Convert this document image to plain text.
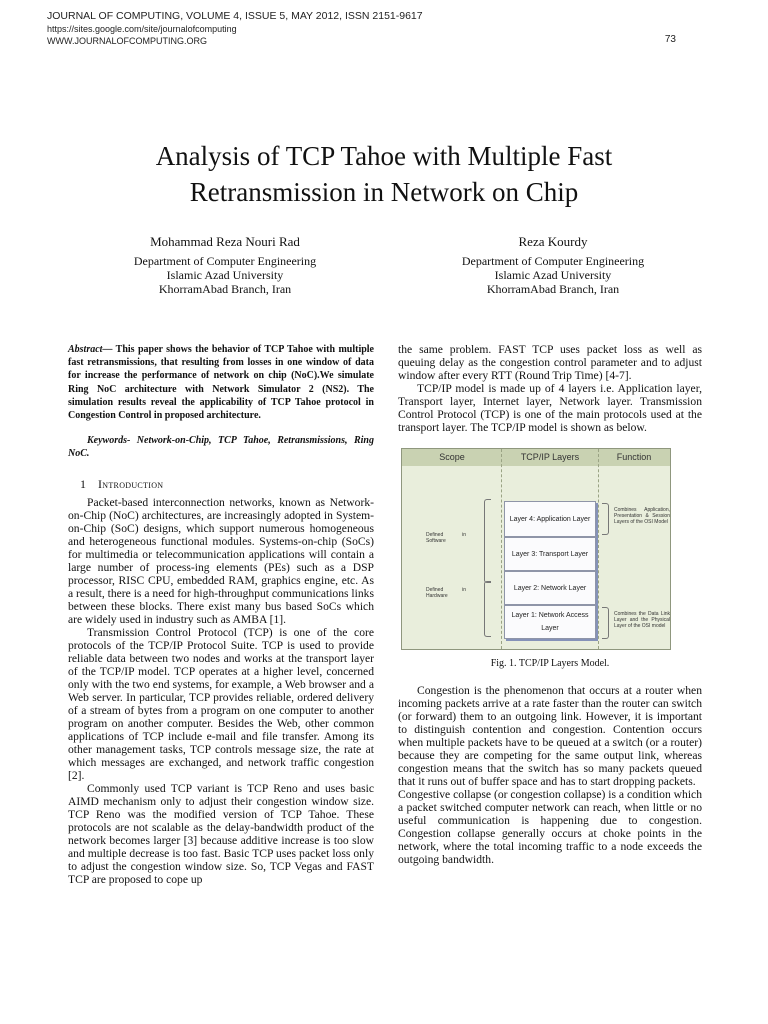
JOURNAL OF COMPUTING, VOLUME 4, ISSUE 5, MAY 2012, ISSN 2151-9617
https://sites.google.com/site/journalofcomputing
WWW.JOURNALOFCOMPUTING.ORG	73
Analysis of TCP Tahoe with Multiple Fast
Retransmission in Network on Chip
Mohammad Reza Nouri Rad
Department of Computer Engineering
Islamic Azad University
KhorramAbad Branch, Iran
Reza Kourdy
Department of Computer Engineering
Islamic Azad University
KhorramAbad Branch, Iran

Abstract— This paper shows the behavior of TCP Tahoe with multiple fast retransmissions, that resulting from losses in one window of data for increase the performance of network on chip (NoC).We simulate Ring NoC architecture with Network Simulator 2 (NS2). The simulation results reveal the applicability of TCP Tahoe protocol in Congestion Control in proposed architecture.

Keywords- Network-on-Chip, TCP Tahoe, Retransmissions, Ring NoC.

1 Introduction

Packet-based interconnection networks, known as Network-on-Chip (NoC) architectures, are increasingly adopted in System-on-Chip (SoC) designs, which support numerous homogeneous and heterogeneous functional modules. Systems-on-chip (SoCs) for multimedia or telecommunication applications will contain a large number of process-ing elements (PEs) such as a DSP processor, RISC CPU, embedded RAM, graphics engine, etc. As a result, there is a need for high-throughput communications links between these blocks. There exist many bus based SoCs which are widely used in industry such as AMBA [1].

Transmission Control Protocol (TCP) is one of the core protocols of the TCP/IP Protocol Suite. TCP is used to provide reliable data between two nodes and works at the transport layer of the TCP/IP model. TCP operates at a higher level, concerned only with the two end systems, for example, a Web browser and a Web server. In particular, TCP provides reliable, ordered delivery of a stream of bytes from a program on one computer to another program on another computer. Besides the Web, other common applications of TCP include e-mail and file transfer. Among its other management tasks, TCP controls message size, the rate at which messages are exchanged, and network traffic congestion [2].

Commonly used TCP variant is TCP Reno and uses basic AIMD mechanism only to adjust their congestion window size. TCP Reno was the modified version of TCP Tahoe. These protocols are not scalable as the delay-bandwidth product of the network becomes larger [3] because additive increase is too slow and multiple decrease is too fast. Basic TCP uses packet loss only to adjust the congestion window size. So, TCP Vegas and FAST TCP are proposed to cope up

the same problem. FAST TCP uses packet loss as well as queuing delay as the congestion control parameter and to adjust window after every RTT (Round Trip Time) [4-7].

TCP/IP model is made up of 4 layers i.e. Application layer, Transport layer, Internet layer, Network layer. Transmission Control Protocol (TCP) is one of the main protocols used at the transport layer. The TCP/IP model is shown as below.

Scope	TCP/IP Layers	Function
Defined in Software
Defined in Hardware
Layer 4: Application Layer
Layer 3: Transport Layer
Layer 2: Network Layer
Layer 1: Network Access Layer
Combines Application, Presentation & Session Layers of the OSI Model
Combines the Data Link Layer and the Physical Layer of the OSI model

Fig. 1. TCP/IP Layers Model.

Congestion is the phenomenon that occurs at a router when incoming packets arrive at a rate faster than the router can switch (or forward) them to an outgoing link. However, it is important to distinguish contention and congestion. Contention occurs when multiple packets have to be queued at a switch (or a router) because they are competing for the same output link, whereas congestion means that the switch has so many packets queued that it runs out of buffer space and has to start dropping packets.

Congestive collapse (or congestion collapse) is a condition which a packet switched computer network can reach, when little or no useful communication is happening due to congestion. Congestion collapse generally occurs at choke points in the network, where the total incoming traffic to a node exceeds the outgoing bandwidth.
